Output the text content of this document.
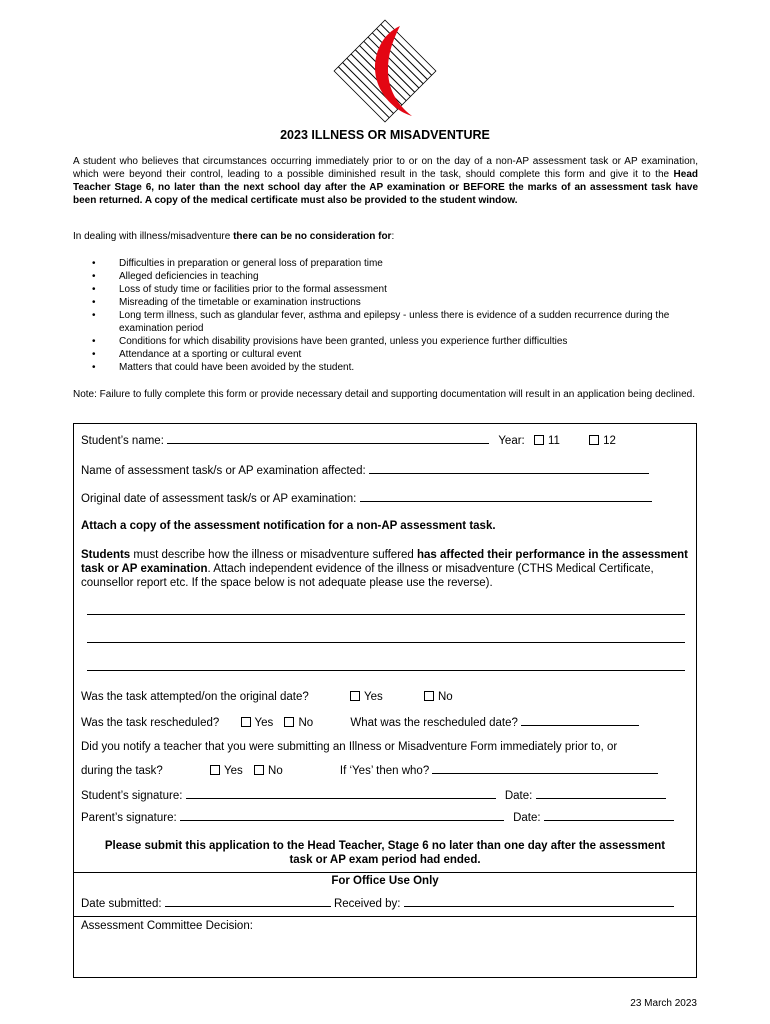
2023 ILLNESS OR MISADVENTURE
A student who believes that circumstances occurring immediately prior to or on the day of a non-AP assessment task or AP examination, which were beyond their control, leading to a possible diminished result in the task, should complete this form and give it to the Head Teacher Stage 6, no later than the next school day after the AP examination or BEFORE the marks of an assessment task have been returned. A copy of the medical certificate must also be provided to the student window.
In dealing with illness/misadventure there can be no consideration for:
• Difficulties in preparation or general loss of preparation time
• Alleged deficiencies in teaching
• Loss of study time or facilities prior to the formal assessment
• Misreading of the timetable or examination instructions
• Long term illness, such as glandular fever, asthma and epilepsy - unless there is evidence of a sudden recurrence during the examination period
• Conditions for which disability provisions have been granted, unless you experience further difficulties
• Attendance at a sporting or cultural event
• Matters that could have been avoided by the student.
Note: Failure to fully complete this form or provide necessary detail and supporting documentation will result in an application being declined.
Student’s name:	Year: 11	12
Name of assessment task/s or AP examination affected:
Original date of assessment task/s or AP examination:
Attach a copy of the assessment notification for a non-AP assessment task.
Students must describe how the illness or misadventure suffered has affected their performance in the assessment task or AP examination. Attach independent evidence of the illness or misadventure (CTHS Medical Certificate, counsellor report etc. If the space below is not adequate please use the reverse).
Was the task attempted/on the original date?	Yes	No
Was the task rescheduled?	Yes No	What was the rescheduled date?
Did you notify a teacher that you were submitting an Illness or Misadventure Form immediately prior to, or
during the task?	Yes No	If ‘Yes’ then who?
Student’s signature:	Date:
Parent’s signature:	Date:
Please submit this application to the Head Teacher, Stage 6 no later than one day after the assessment task or AP exam period had ended.
For Office Use Only
Date submitted:	Received by:
Assessment Committee Decision:
23 March 2023
